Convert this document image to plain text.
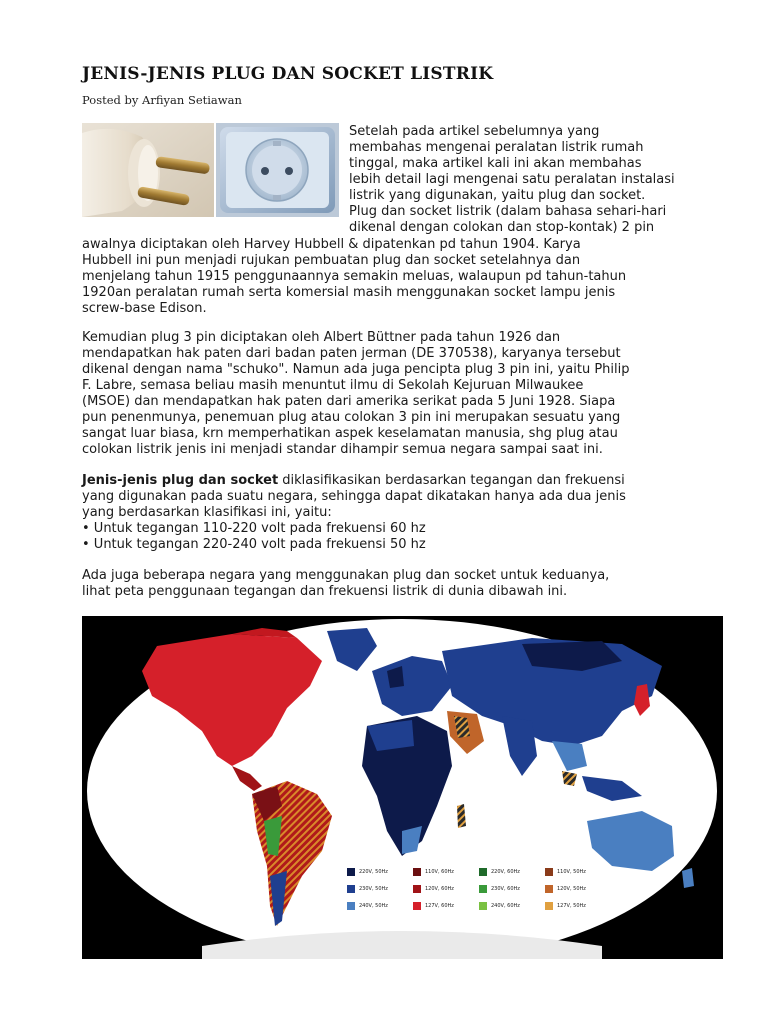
JENIS-JENIS PLUG DAN SOCKET LISTRIK
Posted by Arfiyan Setiawan
Setelah pada artikel sebelumnya yang
membahas mengenai peralatan listrik rumah
tinggal, maka artikel kali ini akan membahas
lebih detail lagi mengenai satu peralatan instalasi
listrik yang digunakan, yaitu plug dan socket.
Plug dan socket listrik (dalam bahasa sehari-hari
dikenal dengan colokan dan stop-kontak) 2 pin
awalnya diciptakan oleh Harvey Hubbell & dipatenkan pd tahun 1904. Karya
Hubbell ini pun menjadi rujukan pembuatan plug dan socket setelahnya dan
menjelang tahun 1915 penggunaannya semakin meluas, walaupun pd tahun-tahun
1920an peralatan rumah serta komersial masih menggunakan socket lampu jenis
screw-base Edison.
Kemudian plug 3 pin diciptakan oleh Albert Büttner pada tahun 1926 dan
mendapatkan hak paten dari badan paten jerman (DE 370538), karyanya tersebut
dikenal dengan nama "schuko". Namun ada juga pencipta plug 3 pin ini, yaitu Philip
F. Labre, semasa beliau masih menuntut ilmu di Sekolah Kejuruan Milwaukee
(MSOE) dan mendapatkan hak paten dari amerika serikat pada 5 Juni 1928. Siapa
pun penenmunya, penemuan plug atau colokan 3 pin ini merupakan sesuatu yang
sangat luar biasa, krn memperhatikan aspek keselamatan manusia, shg plug atau
colokan listrik jenis ini menjadi standar dihampir semua negara sampai saat ini.
Jenis-jenis plug dan socket diklasifikasikan berdasarkan tegangan dan frekuensi
yang digunakan pada suatu negara, sehingga dapat dikatakan hanya ada dua jenis
yang berdasarkan klasifikasi ini, yaitu:
• Untuk tegangan 110-220 volt pada frekuensi 60 hz
• Untuk tegangan 220-240 volt pada frekuensi 50 hz
Ada juga beberapa negara yang menggunakan plug dan socket untuk keduanya,
lihat peta penggunaan tegangan dan frekuensi listrik di dunia dibawah ini.
220V, 50Hz	110V, 60Hz	220V, 60Hz	110V, 50Hz
230V, 50Hz	120V, 60Hz	230V, 60Hz	120V, 50Hz
240V, 50Hz	127V, 60Hz	240V, 60Hz	127V, 50Hz
